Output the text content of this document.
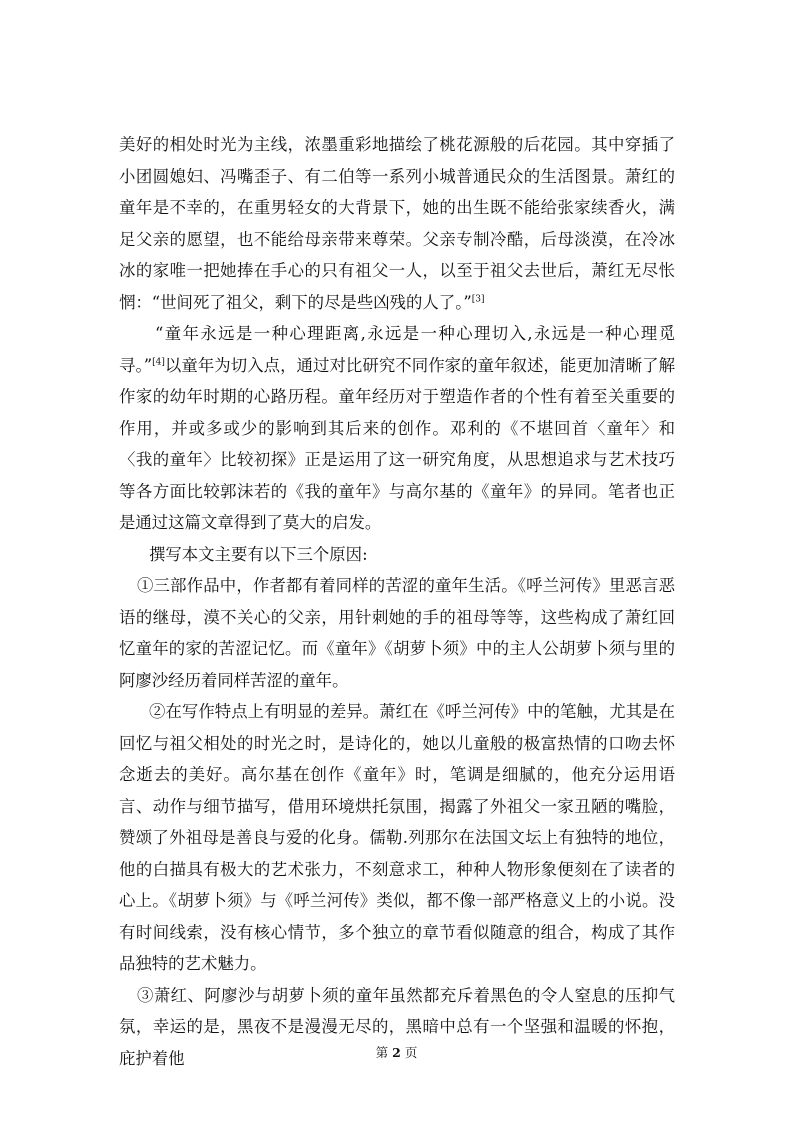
美好的相处时光为主线，浓墨重彩地描绘了桃花源般的后花园。其中穿插了小团圆媳妇、冯嘴歪子、有二伯等一系列小城普通民众的生活图景。萧红的童年是不幸的，在重男轻女的大背景下，她的出生既不能给张家续香火，满足父亲的愿望，也不能给母亲带来尊荣。父亲专制冷酷，后母淡漠，在冷冰冰的家唯一把她捧在手心的只有祖父一人，以至于祖父去世后，萧红无尽怅惘：“世间死了祖父，剩下的尽是些凶残的人了。”[3]

“童年永远是一种心理距离,永远是一种心理切入,永远是一种心理觅寻。”[4]以童年为切入点，通过对比研究不同作家的童年叙述，能更加清晰了解作家的幼年时期的心路历程。童年经历对于塑造作者的个性有着至关重要的作用，并或多或少的影响到其后来的创作。邓利的《不堪回首〈童年〉和〈我的童年〉比较初探》正是运用了这一研究角度，从思想追求与艺术技巧等各方面比较郭沫若的《我的童年》与高尔基的《童年》的异同。笔者也正是通过这篇文章得到了莫大的启发。

撰写本文主要有以下三个原因:

①三部作品中，作者都有着同样的苦涩的童年生活。《呼兰河传》里恶言恶语的继母，漠不关心的父亲，用针刺她的手的祖母等等，这些构成了萧红回忆童年的家的苦涩记忆。而《童年》《胡萝卜须》中的主人公胡萝卜须与里的阿廖沙经历着同样苦涩的童年。

②在写作特点上有明显的差异。萧红在《呼兰河传》中的笔触，尤其是在回忆与祖父相处的时光之时，是诗化的，她以儿童般的极富热情的口吻去怀念逝去的美好。高尔基在创作《童年》时，笔调是细腻的，他充分运用语言、动作与细节描写，借用环境烘托氛围，揭露了外祖父一家丑陋的嘴脸，赞颂了外祖母是善良与爱的化身。儒勒.列那尔在法国文坛上有独特的地位，他的白描具有极大的艺术张力，不刻意求工，种种人物形象便刻在了读者的心上。《胡萝卜须》与《呼兰河传》类似，都不像一部严格意义上的小说。没有时间线索，没有核心情节，多个独立的章节看似随意的组合，构成了其作品独特的艺术魅力。

③萧红、阿廖沙与胡萝卜须的童年虽然都充斥着黑色的令人窒息的压抑气氛，幸运的是，黑夜不是漫漫无尽的，黑暗中总有一个坚强和温暖的怀抱，庇护着他	第 2 页
